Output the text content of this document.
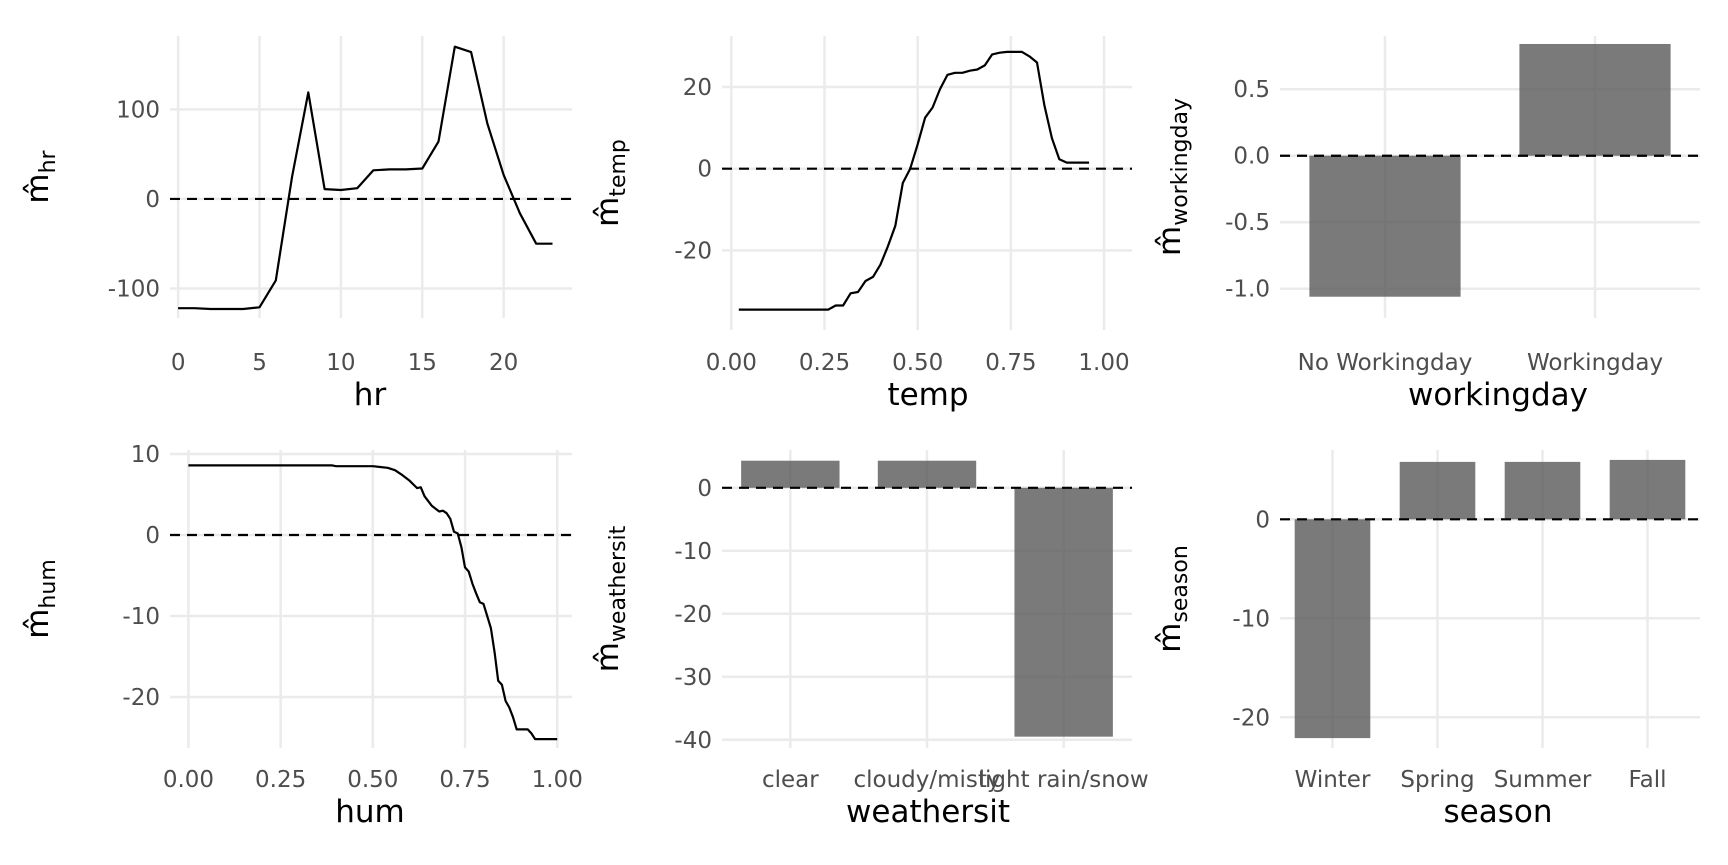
-100
0
100
0	5	10 15 20
hr
m̂hr
-20
0
20
0.00 0.25 0.50 0.75 1.00
temp
m̂temp
-1.0
-0.5
0.0
0.5
No Workingday Workingday
workingday
m̂workingday
-20
-10
0
10
0.00 0.25 0.50 0.75 1.00
hum
m̂hum
-40
-30
-20
-10
0
clear cloudy/misty
light rain/snow
weathersit
m̂weathersit
-20
-10
0
Winter Spring Summer Fall
season
m̂season
